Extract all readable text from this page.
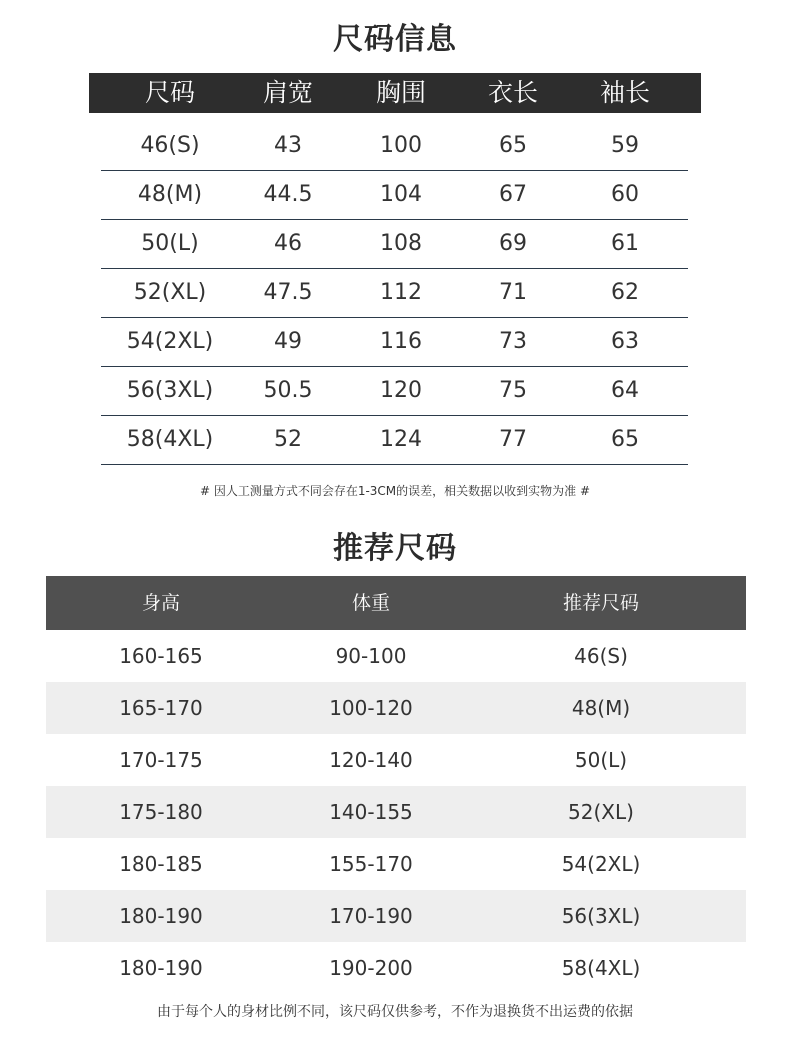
尺码信息
尺码	肩宽	胸围	衣长	袖长
46(S)	43	100	65	59
48(M)	44.5	104	67	60
50(L)	46	108	69	61
52(XL)	47.5	112	71	62
54(2XL)	49	116	73	63
56(3XL)	50.5	120	75	64
58(4XL)	52	124	77	65
# 因人工测量方式不同会存在1-3CM的误差，相关数据以收到实物为准 #
推荐尺码
身高	体重	推荐尺码
160-165	90-100	46(S)
165-170	100-120	48(M)
170-175	120-140	50(L)
175-180	140-155	52(XL)
180-185	155-170	54(2XL)
180-190	170-190	56(3XL)
180-190	190-200	58(4XL)
由于每个人的身材比例不同，该尺码仅供参考，不作为退换货不出运费的依据
